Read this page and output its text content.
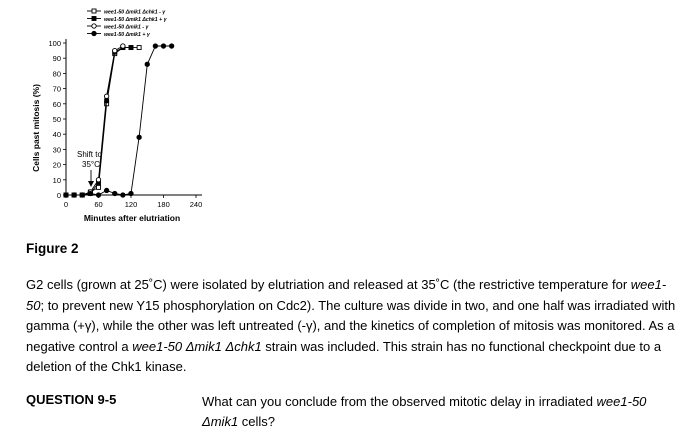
wee1-50 Δmik1 Δchk1 - γ
wee1-50 Δmik1 Δchk1 + γ
wee1-50 Δmik1 - γ
wee1-50 Δmik1 + γ
0
10
20
30
40
50
60
70
80
90
100
0	60	120	180	240
Cells past mitosis (%)
Minutes after elutriation
Shift to
35°C
Figure 2
G2 cells (grown at 25˚C) were isolated by elutriation and released at 35˚C (the restrictive temperature for wee1-50; to prevent new Y15 phosphorylation on Cdc2). The culture was divide in two, and one half was irradiated with gamma (+γ), while the other was left untreated (-γ), and the kinetics of completion of mitosis was monitored. As a negative control a wee1-50 Δmik1 Δchk1 strain was included. This strain has no functional checkpoint due to a deletion of the Chk1 kinase.
QUESTION 9-5	What can you conclude from the observed mitotic delay in irradiated wee1-50 Δmik1 cells?
